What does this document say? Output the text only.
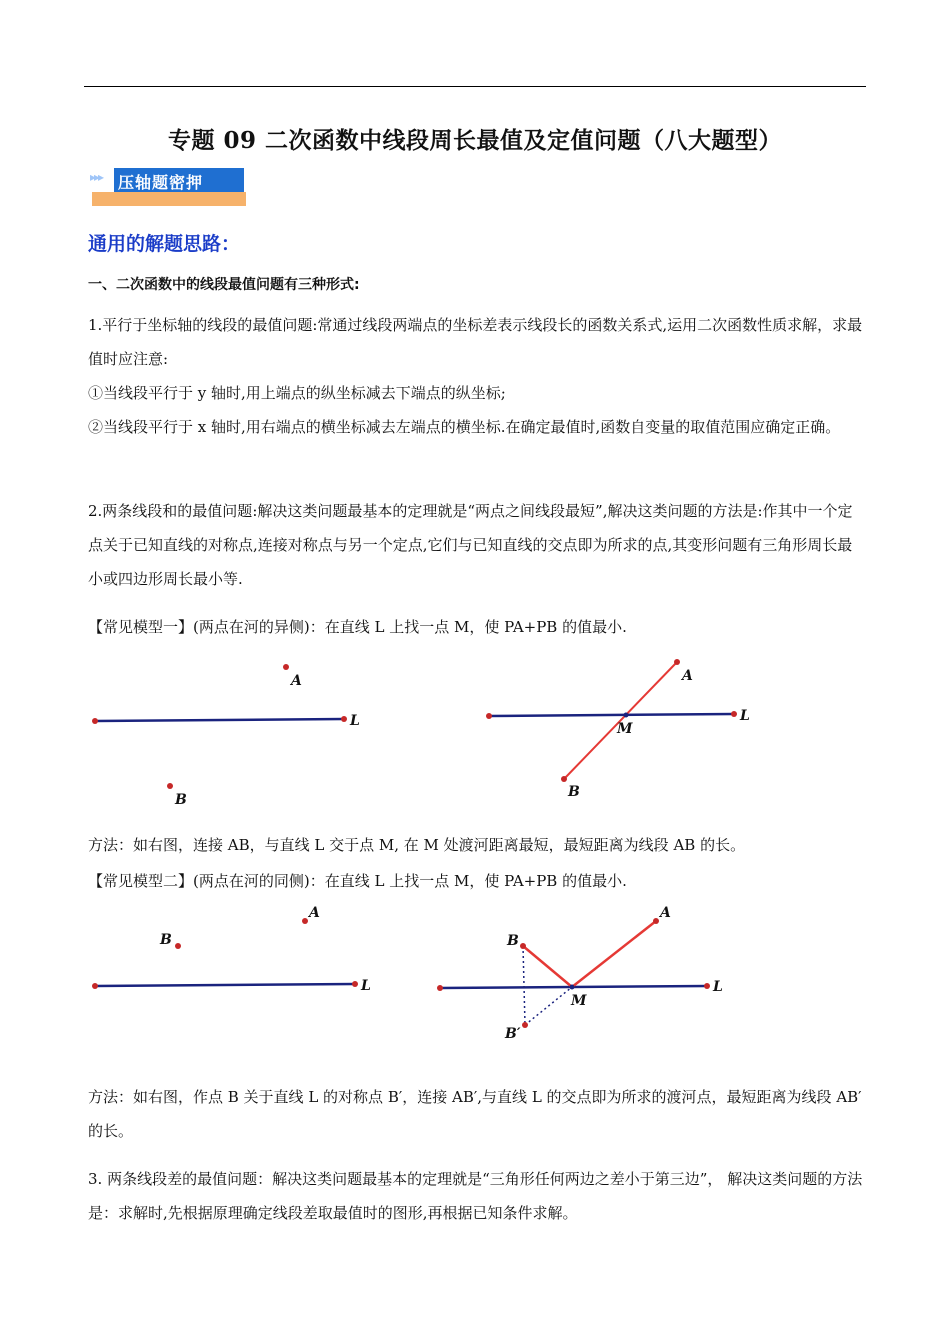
专题 09 二次函数中线段周长最值及定值问题（八大题型）
▸▸▸ 压轴题密押
通用的解题思路：
一、二次函数中的线段最值问题有三种形式:
1.平行于坐标轴的线段的最值问题:常通过线段两端点的坐标差表示线段长的函数关系式,运用二次函数性质求解，求最值时应注意:
①当线段平行于 y 轴时,用上端点的纵坐标减去下端点的纵坐标;
②当线段平行于 x 轴时,用右端点的横坐标减去左端点的横坐标.在确定最值时,函数自变量的取值范围应确定正确。
2.两条线段和的最值问题:解决这类问题最基本的定理就是“两点之间线段最短”,解决这类问题的方法是:作其中一个定点关于已知直线的对称点,连接对称点与另一个定点,它们与已知直线的交点即为所求的点,其变形问题有三角形周长最小或四边形周长最小等.
【常见模型一】(两点在河的异侧)：在直线 L 上找一点 M，使 PA+PB 的值最小.
A
L
B
A
L
M
B
A
B
L
A
B
L
M
B′
方法：如右图，连接 AB，与直线 L 交于点 M, 在 M 处渡河距离最短，最短距离为线段 AB 的长。
【常见模型二】(两点在河的同侧)：在直线 L 上找一点 M，使 PA+PB 的值最小.
方法：如右图，作点 B 关于直线 L 的对称点 B′，连接 AB′,与直线 L 的交点即为所求的渡河点，最短距离为线段 AB′的长。
3. 两条线段差的最值问题：解决这类问题最基本的定理就是“三角形任何两边之差小于第三边”， 解决这类问题的方法是：求解时,先根据原理确定线段差取最值时的图形,再根据已知条件求解。
